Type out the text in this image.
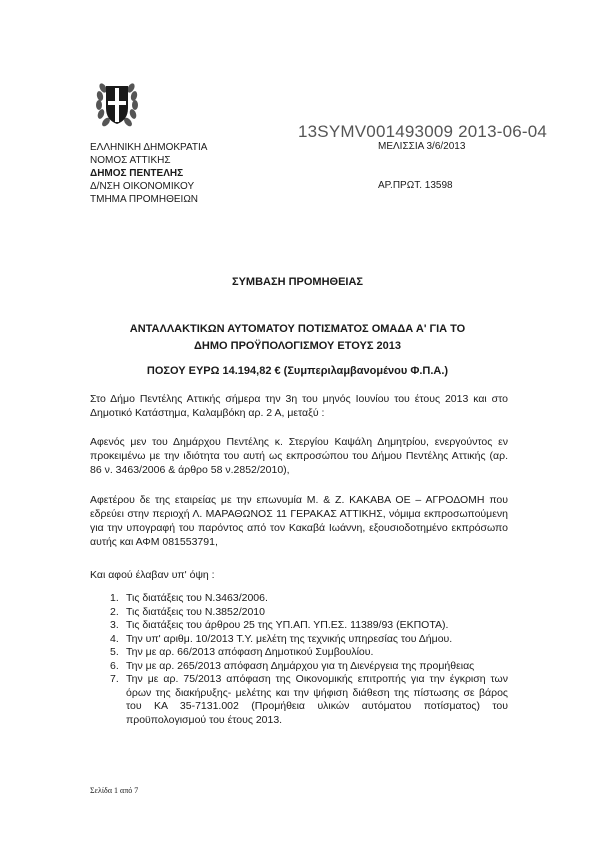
13SYMV001493009 2013-06-04
ΕΛΛΗΝΙΚΗ ΔΗΜΟΚΡΑΤΙΑ
ΝΟΜΟΣ ΑΤΤΙΚΗΣ
ΔΗΜΟΣ ΠΕΝΤΕΛΗΣ
Δ/ΝΣΗ ΟΙΚΟΝΟΜΙΚΟΥ
ΤΜΗΜΑ ΠΡΟΜΗΘΕΙΩΝ
ΜΕΛΙΣΣΙΑ 3/6/2013
ΑΡ.ΠΡΩΤ. 13598
ΣΥΜΒΑΣΗ ΠΡΟΜΗΘΕΙΑΣ
ΑΝΤΑΛΛΑΚΤΙΚΩΝ ΑΥΤΟΜΑΤΟΥ ΠΟΤΙΣΜΑΤΟΣ ΟΜΑΔΑ Α' ΓΙΑ ΤΟ
ΔΗΜΟ ΠΡΟΫΠΟΛΟΓΙΣΜΟΥ ΕΤΟΥΣ 2013
ΠΟΣΟΥ ΕΥΡΩ 14.194,82 € (Συμπεριλαμβανομένου Φ.Π.Α.)
Στο Δήμο Πεντέλης Αττικής σήμερα την 3η του μηνός Ιουνίου του έτους 2013 και στο Δημοτικό Κατάστημα, Καλαμβόκη αρ. 2 Α, μεταξύ :
Αφενός μεν του Δημάρχου Πεντέλης κ. Στεργίου Καψάλη Δημητρίου, ενεργούντος εν προκειμένω με την ιδιότητα του αυτή ως εκπροσώπου του Δήμου Πεντέλης Αττικής (αρ. 86 ν. 3463/2006 & άρθρο 58 ν.2852/2010),
Αφετέρου δε της εταιρείας με την επωνυμία Μ. & Ζ. ΚΑΚΑΒΑ ΟΕ – ΑΓΡΟΔΟΜΗ που εδρεύει στην περιοχή Λ. ΜΑΡΑΘΩΝΟΣ 11 ΓΕΡΑΚΑΣ ΑΤΤΙΚΗΣ, νόμιμα εκπροσωπούμενη για την υπογραφή του παρόντος από τον Κακαβά Ιωάννη, εξουσιοδοτημένο εκπρόσωπο αυτής και ΑΦΜ 081553791,
Και αφού έλαβαν υπ' όψη :
1. Τις διατάξεις του Ν.3463/2006.
2. Τις διατάξεις του Ν.3852/2010
3. Τις διατάξεις του άρθρου 25 της ΥΠ.ΑΠ. ΥΠ.ΕΣ. 11389/93 (ΕΚΠΟΤΑ).
4. Την υπ' αριθμ. 10/2013 Τ.Υ. μελέτη της τεχνικής υπηρεσίας του Δήμου.
5. Την με αρ. 66/2013 απόφαση Δημοτικού Συμβουλίου.
6. Την με αρ. 265/2013 απόφαση Δημάρχου για τη Διενέργεια της προμήθειας
7. Την με αρ. 75/2013 απόφαση της Οικονομικής επιτροπής για την έγκριση των όρων της διακήρυξης- μελέτης και την ψήφιση διάθεση της πίστωσης σε βάρος του ΚΑ 35-7131.002 (Προμήθεια υλικών αυτόματου ποτίσματος) του προϋπολογισμού του έτους 2013.
Σελίδα 1 από 7
